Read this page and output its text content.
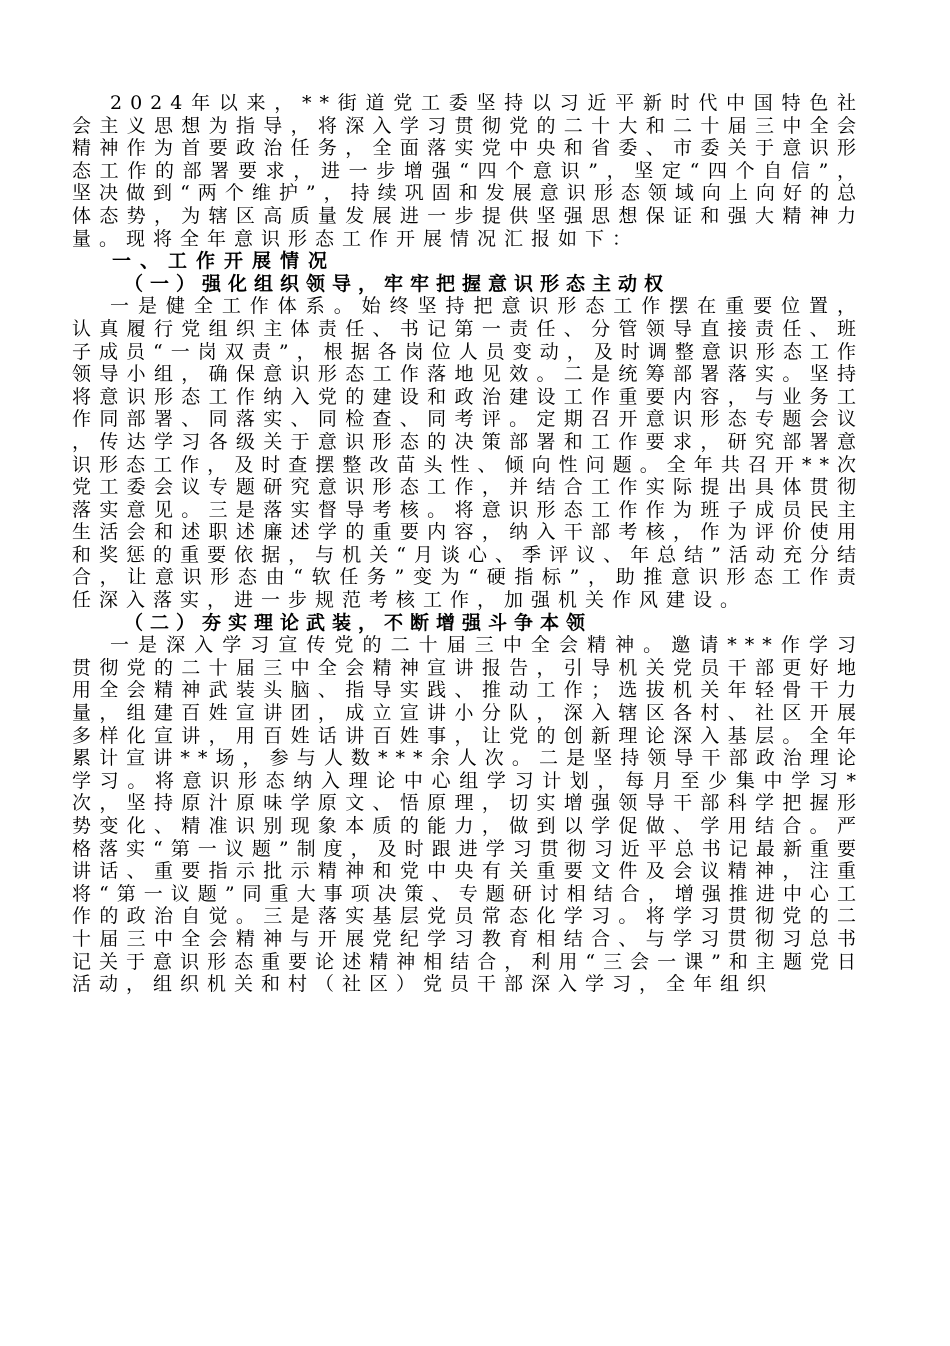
2024年以来，**街道党工委坚持以习近平新时代中国特色社会主义思想为指导，将深入学习贯彻党的二十大和二十届三中全会精神作为首要政治任务，全面落实党中央和省委、市委关于意识形态工作的部署要求，进一步增强“四个意识”，坚定“四个自信”，坚决做到“两个维护”，持续巩固和发展意识形态领域向上向好的总体态势，为辖区高质量发展进一步提供坚强思想保证和强大精神力量。现将全年意识形态工作开展情况汇报如下：

一、工作开展情况

（一）强化组织领导，牢牢把握意识形态主动权

一是健全工作体系。始终坚持把意识形态工作摆在重要位置，认真履行党组织主体责任、书记第一责任、分管领导直接责任、班子成员“一岗双责”，根据各岗位人员变动，及时调整意识形态工作领导小组，确保意识形态工作落地见效。二是统筹部署落实。坚持将意识形态工作纳入党的建设和政治建设工作重要内容，与业务工作同部署、同落实、同检查、同考评。定期召开意识形态专题会议，传达学习各级关于意识形态的决策部署和工作要求，研究部署意识形态工作，及时查摆整改苗头性、倾向性问题。全年共召开**次党工委会议专题研究意识形态工作，并结合工作实际提出具体贯彻落实意见。三是落实督导考核。将意识形态工作作为班子成员民主生活会和述职述廉述学的重要内容，纳入干部考核，作为评价使用和奖惩的重要依据，与机关“月谈心、季评议、年总结”活动充分结合，让意识形态由“软任务”变为“硬指标”，助推意识形态工作责任深入落实，进一步规范考核工作，加强机关作风建设。

（二）夯实理论武装，不断增强斗争本领

一是深入学习宣传党的二十届三中全会精神。邀请***作学习贯彻党的二十届三中全会精神宣讲报告，引导机关党员干部更好地用全会精神武装头脑、指导实践、推动工作；选拔机关年轻骨干力量，组建百姓宣讲团，成立宣讲小分队，深入辖区各村、社区开展多样化宣讲，用百姓话讲百姓事，让党的创新理论深入基层。全年累计宣讲**场，参与人数***余人次。二是坚持领导干部政治理论学习。将意识形态纳入理论中心组学习计划，每月至少集中学习*次，坚持原汁原味学原文、悟原理，切实增强领导干部科学把握形势变化、精准识别现象本质的能力，做到以学促做、学用结合。严格落实“第一议题”制度，及时跟进学习贯彻习近平总书记最新重要讲话、重要指示批示精神和党中央有关重要文件及会议精神，注重将“第一议题”同重大事项决策、专题研讨相结合，增强推进中心工作的政治自觉。三是落实基层党员常态化学习。将学习贯彻党的二十届三中全会精神与开展党纪学习教育相结合、与学习贯彻习总书记关于意识形态重要论述精神相结合，利用“三会一课”和主题党日活动，组织机关和村（社区）党员干部深入学习，全年组织
